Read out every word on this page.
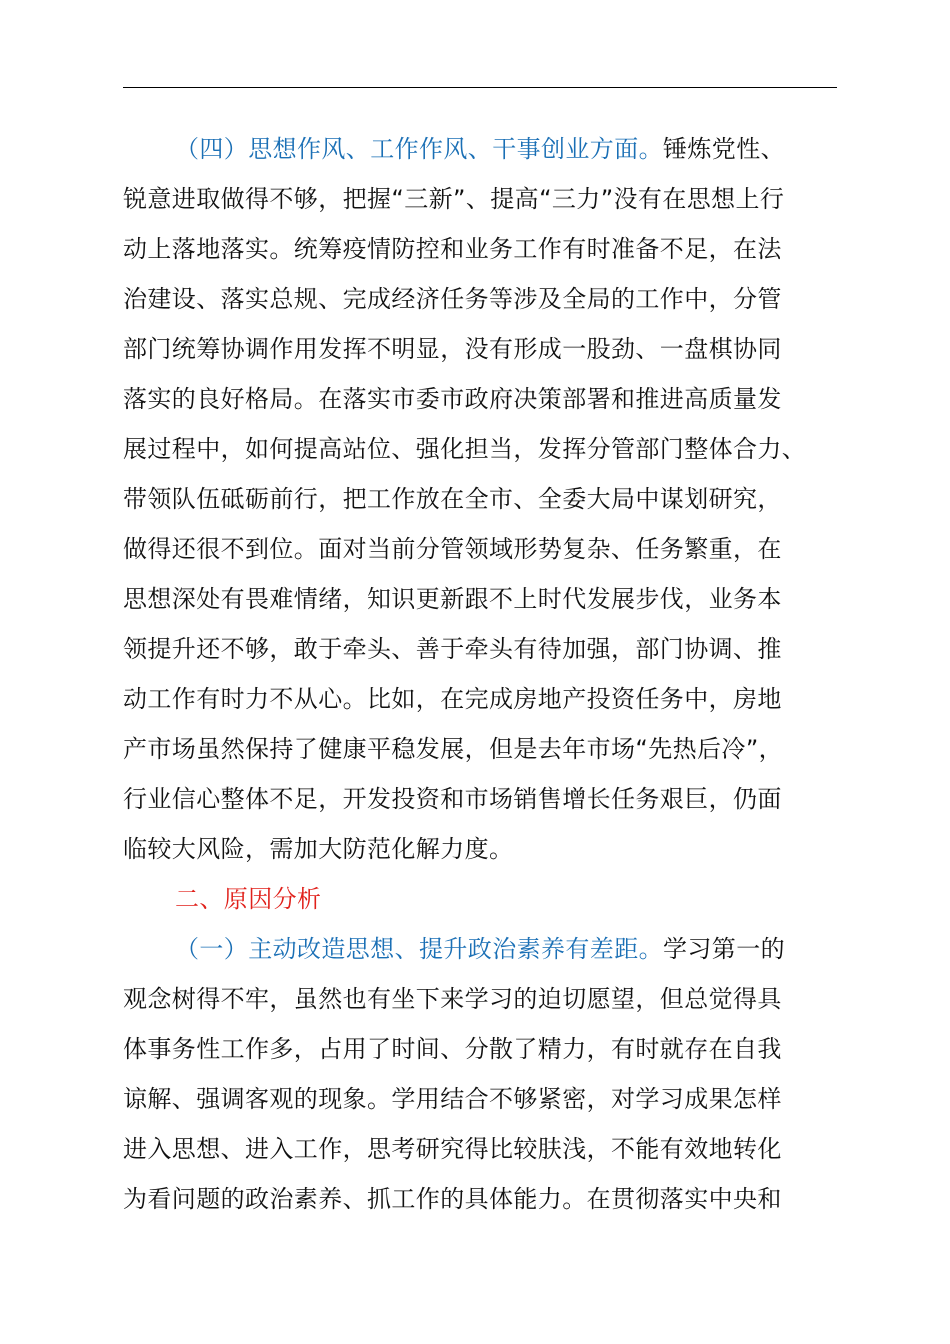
（四）思想作风、工作作风、干事创业方面。锤炼党性、
锐意进取做得不够，把握“三新”、提高“三力”没有在思想上行
动上落地落实。统筹疫情防控和业务工作有时准备不足，在法
治建设、落实总规、完成经济任务等涉及全局的工作中，分管
部门统筹协调作用发挥不明显，没有形成一股劲、一盘棋协同
落实的良好格局。在落实市委市政府决策部署和推进高质量发
展过程中，如何提高站位、强化担当，发挥分管部门整体合力、
带领队伍砥砺前行，把工作放在全市、全委大局中谋划研究，
做得还很不到位。面对当前分管领域形势复杂、任务繁重，在
思想深处有畏难情绪，知识更新跟不上时代发展步伐，业务本
领提升还不够，敢于牵头、善于牵头有待加强，部门协调、推
动工作有时力不从心。比如，在完成房地产投资任务中，房地
产市场虽然保持了健康平稳发展，但是去年市场“先热后冷”，
行业信心整体不足，开发投资和市场销售增长任务艰巨，仍面
临较大风险，需加大防范化解力度。
二、原因分析
（一）主动改造思想、提升政治素养有差距。学习第一的
观念树得不牢，虽然也有坐下来学习的迫切愿望，但总觉得具
体事务性工作多，占用了时间、分散了精力，有时就存在自我
谅解、强调客观的现象。学用结合不够紧密，对学习成果怎样
进入思想、进入工作，思考研究得比较肤浅，不能有效地转化
为看问题的政治素养、抓工作的具体能力。在贯彻落实中央和
